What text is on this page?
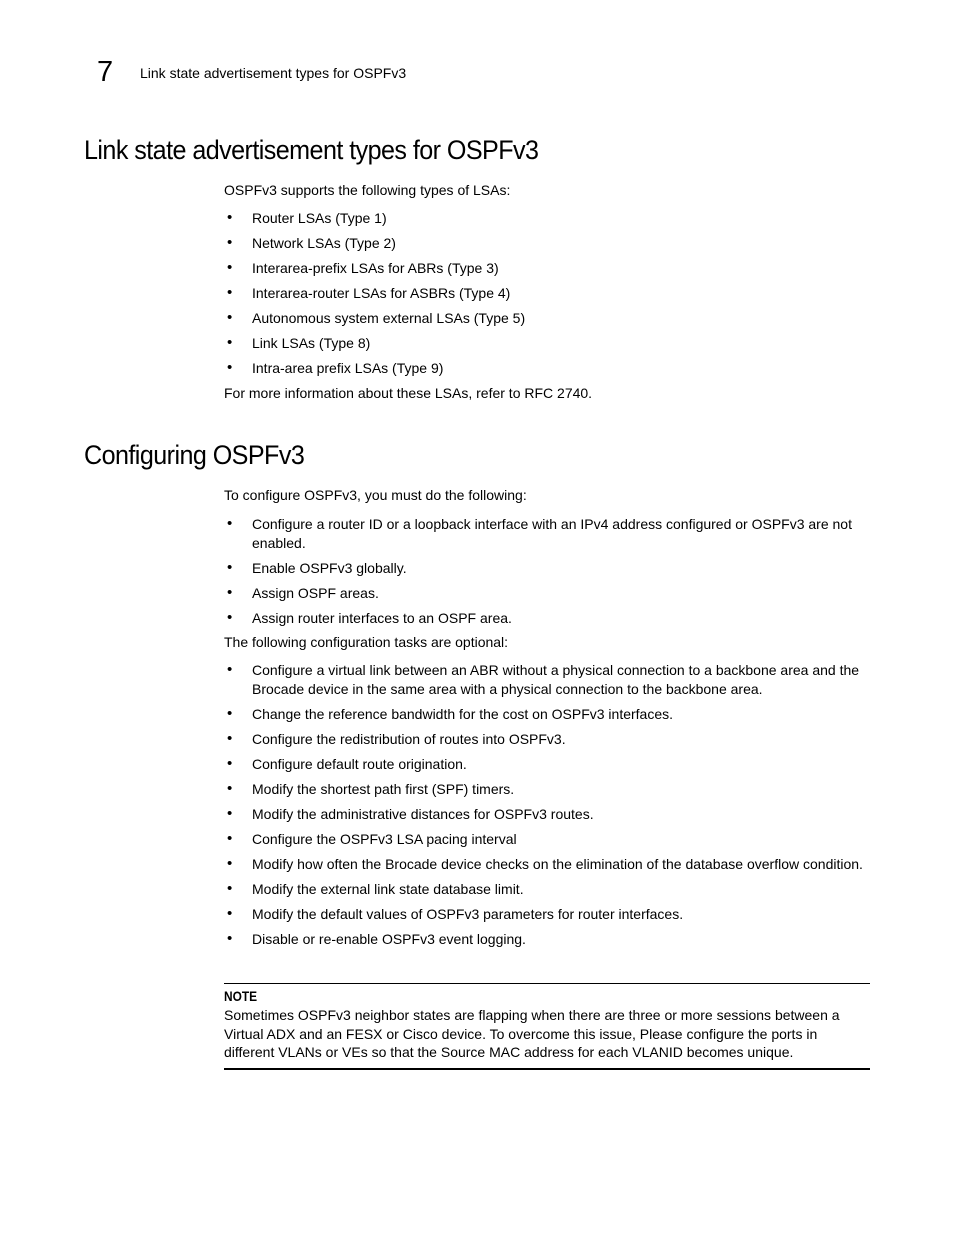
7 Link state advertisement types for OSPFv3
Link state advertisement types for OSPFv3
OSPFv3 supports the following types of LSAs:
• Router LSAs (Type 1)
• Network LSAs (Type 2)
• Interarea-prefix LSAs for ABRs (Type 3)
• Interarea-router LSAs for ASBRs (Type 4)
• Autonomous system external LSAs (Type 5)
• Link LSAs (Type 8)
• Intra-area prefix LSAs (Type 9)
For more information about these LSAs, refer to RFC 2740.
Configuring OSPFv3
To configure OSPFv3, you must do the following:
• Configure a router ID or a loopback interface with an IPv4 address configured or OSPFv3 are not enabled.
• Enable OSPFv3 globally.
• Assign OSPF areas.
• Assign router interfaces to an OSPF area.
The following configuration tasks are optional:
• Configure a virtual link between an ABR without a physical connection to a backbone area and the Brocade device in the same area with a physical connection to the backbone area.
• Change the reference bandwidth for the cost on OSPFv3 interfaces.
• Configure the redistribution of routes into OSPFv3.
• Configure default route origination.
• Modify the shortest path first (SPF) timers.
• Modify the administrative distances for OSPFv3 routes.
• Configure the OSPFv3 LSA pacing interval
• Modify how often the Brocade device checks on the elimination of the database overflow condition.
• Modify the external link state database limit.
• Modify the default values of OSPFv3 parameters for router interfaces.
• Disable or re-enable OSPFv3 event logging.
NOTE
Sometimes OSPFv3 neighbor states are flapping when there are three or more sessions between a Virtual ADX and an FESX or Cisco device. To overcome this issue, Please configure the ports in different VLANs or VEs so that the Source MAC address for each VLANID becomes unique.
